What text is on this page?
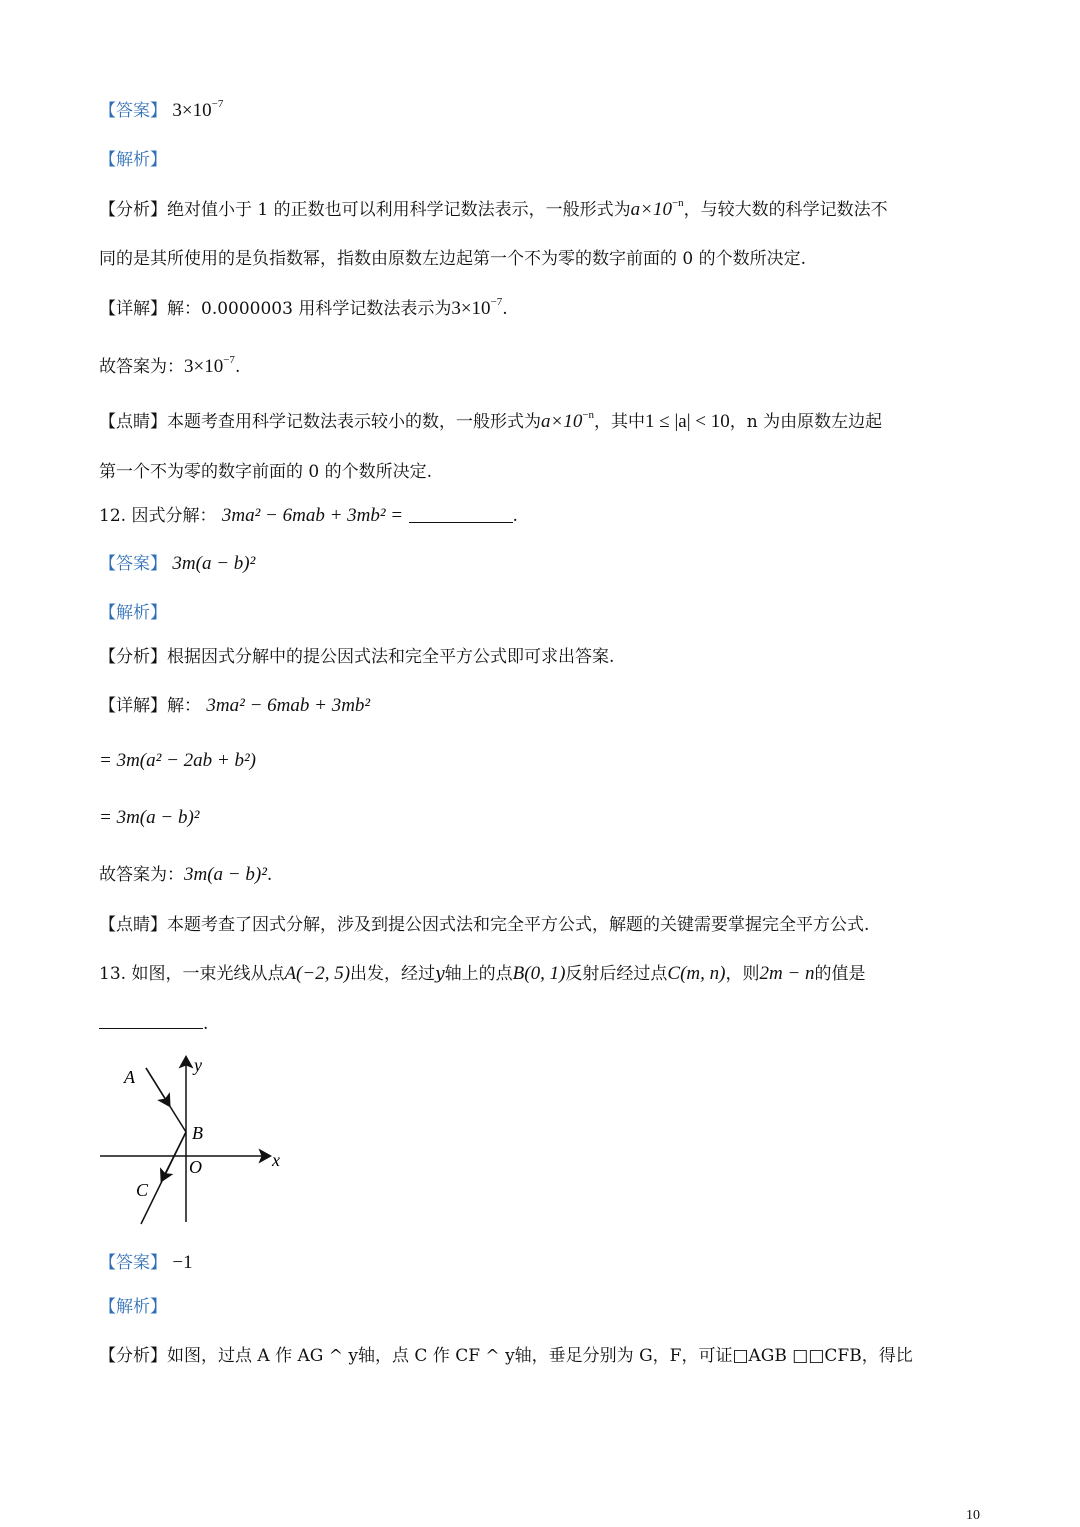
【答案】 $3\times 10^{-7}$
【解析】
【分析】绝对值小于 1 的正数也可以利用科学记数法表示，一般形式为$a\times 10^{-n}$，与较大数的科学记数法不
同的是其所使用的是负指数幂，指数由原数左边起第一个不为零的数字前面的 0 的个数所决定.
【详解】解：0.0000003 用科学记数法表示为$3\times 10^{-7}$.
故答案为：$3\times 10^{-7}$.
【点睛】本题考查用科学记数法表示较小的数，一般形式为$a\times 10^{-n}$，其中1 ≤ |a| < 10，n 为由原数左边起
第一个不为零的数字前面的 0 的个数所决定.
12. 因式分解： 3ma² − 6mab + 3mb² =	.
【答案】 3m(a − b)²
【解析】
【分析】根据因式分解中的提公因式法和完全平方公式即可求出答案.
【详解】解： 3ma² − 6mab + 3mb²
= 3m(a² − 2ab + b²)
= 3m(a − b)²
故答案为：3m(a − b)².
【点睛】本题考查了因式分解，涉及到提公因式法和完全平方公式，解题的关键需要掌握完全平方公式.
13. 如图，一束光线从点A(−2, 5)出发，经过y轴上的点B(0, 1)反射后经过点C(m, n)，则2m − n的值是
.
A
y
B
O	x
C
【答案】 −1
【解析】
【分析】如图，过点 A 作 AG ^ y轴，点 C 作 CF ^ y轴，垂足分别为 G，F，可证□AGB □□CFB，得比
10
